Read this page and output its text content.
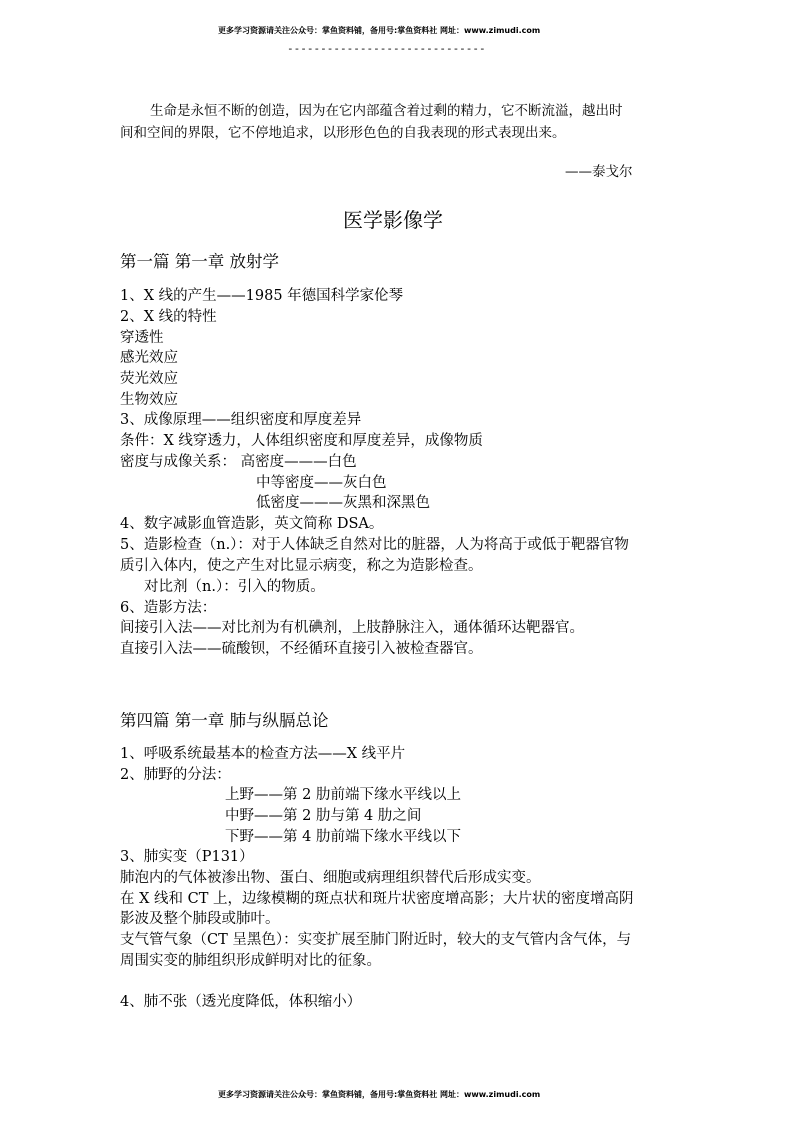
更多学习资源请关注公众号：掌鱼资料铺，备用号:掌鱼资料社 网址：www.zimudi.com
------------------------------
生命是永恒不断的创造，因为在它内部蕴含着过剩的精力，它不断流溢，越出时
间和空间的界限，它不停地追求，以形形色色的自我表现的形式表现出来。
——泰戈尔
医学影像学
第一篇 第一章 放射学
1、X 线的产生——1985 年德国科学家伦琴
2、X 线的特性
穿透性
感光效应
荧光效应
生物效应
3、成像原理——组织密度和厚度差异
条件：X 线穿透力，人体组织密度和厚度差异，成像物质
密度与成像关系： 高密度———白色
中等密度——灰白色
低密度———灰黑和深黑色
4、数字减影血管造影，英文简称 DSA。
5、造影检查（n.）：对于人体缺乏自然对比的脏器，人为将高于或低于靶器官物
质引入体内，使之产生对比显示病变，称之为造影检查。
对比剂（n.）：引入的物质。
6、造影方法：
间接引入法——对比剂为有机碘剂，上肢静脉注入，通体循环达靶器官。
直接引入法——硫酸钡，不经循环直接引入被检查器官。
第四篇 第一章 肺与纵膈总论
1、呼吸系统最基本的检查方法——X 线平片
2、肺野的分法：
上野——第 2 肋前端下缘水平线以上
中野——第 2 肋与第 4 肋之间
下野——第 4 肋前端下缘水平线以下
3、肺实变（P131）
肺泡内的气体被渗出物、蛋白、细胞或病理组织替代后形成实变。
在 X 线和 CT 上，边缘模糊的斑点状和斑片状密度增高影；大片状的密度增高阴
影波及整个肺段或肺叶。
支气管气象（CT 呈黑色）：实变扩展至肺门附近时，较大的支气管内含气体，与
周围实变的肺组织形成鲜明对比的征象。
4、肺不张（透光度降低，体积缩小）
更多学习资源请关注公众号：掌鱼资料铺，备用号:掌鱼资料社 网址：www.zimudi.com
